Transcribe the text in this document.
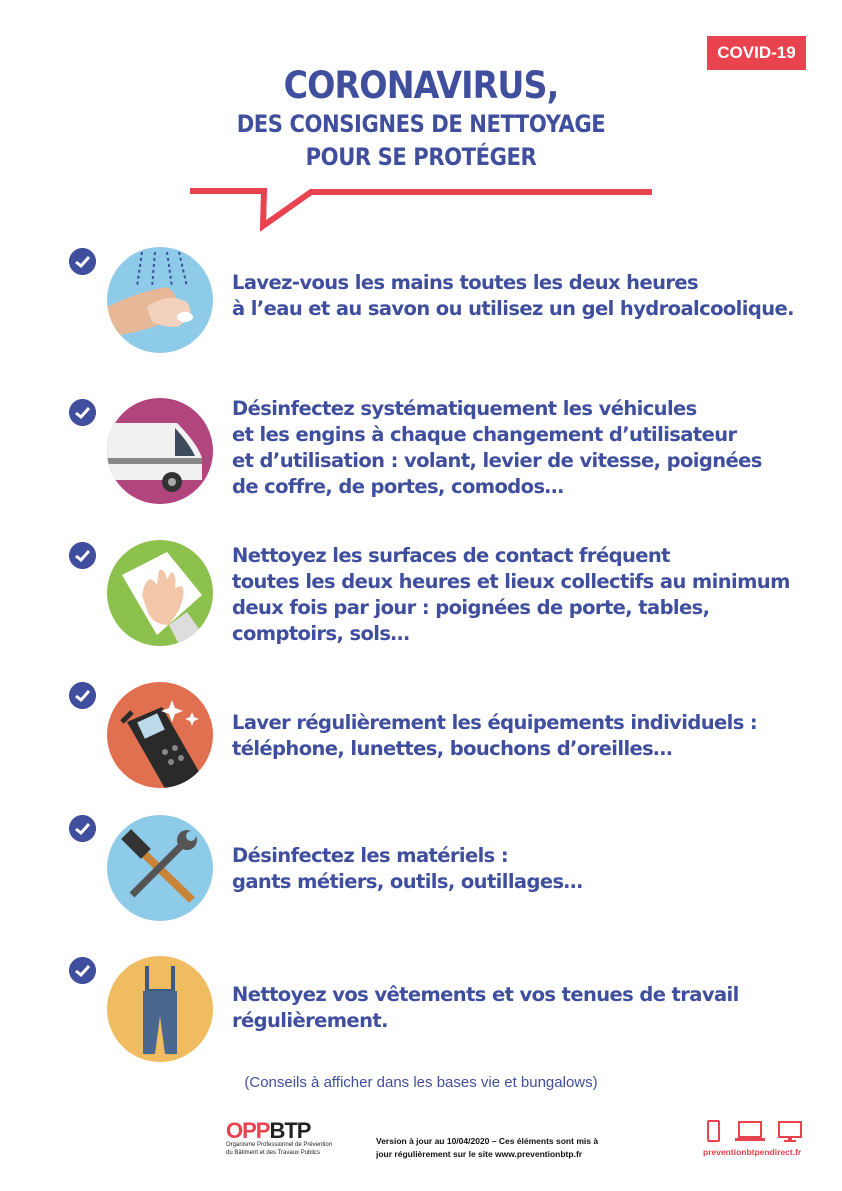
COVID-19
CORONAVIRUS,
DES CONSIGNES DE NETTOYAGE
POUR SE PROTÉGER
Lavez-vous les mains toutes les deux heures
à l’eau et au savon ou utilisez un gel hydroalcoolique.
Désinfectez systématiquement les véhicules
et les engins à chaque changement d’utilisateur
et d’utilisation : volant, levier de vitesse, poignées
de coffre, de portes, comodos…
Nettoyez les surfaces de contact fréquent
toutes les deux heures et lieux collectifs au minimum
deux fois par jour : poignées de porte, tables,
comptoirs, sols…
Laver régulièrement les équipements individuels :
téléphone, lunettes, bouchons d’oreilles…
Désinfectez les matériels :
gants métiers, outils, outillages…
Nettoyez vos vêtements et vos tenues de travail
régulièrement.
(Conseils à afficher dans les bases vie et bungalows)
OPPBTP
Organisme Professionnel de Prévention
du Bâtiment et des Travaux Publics
Version à jour au 10/04/2020 – Ces éléments sont mis à
jour régulièrement sur le site www.preventionbtp.fr	preventionbtpendirect.fr
